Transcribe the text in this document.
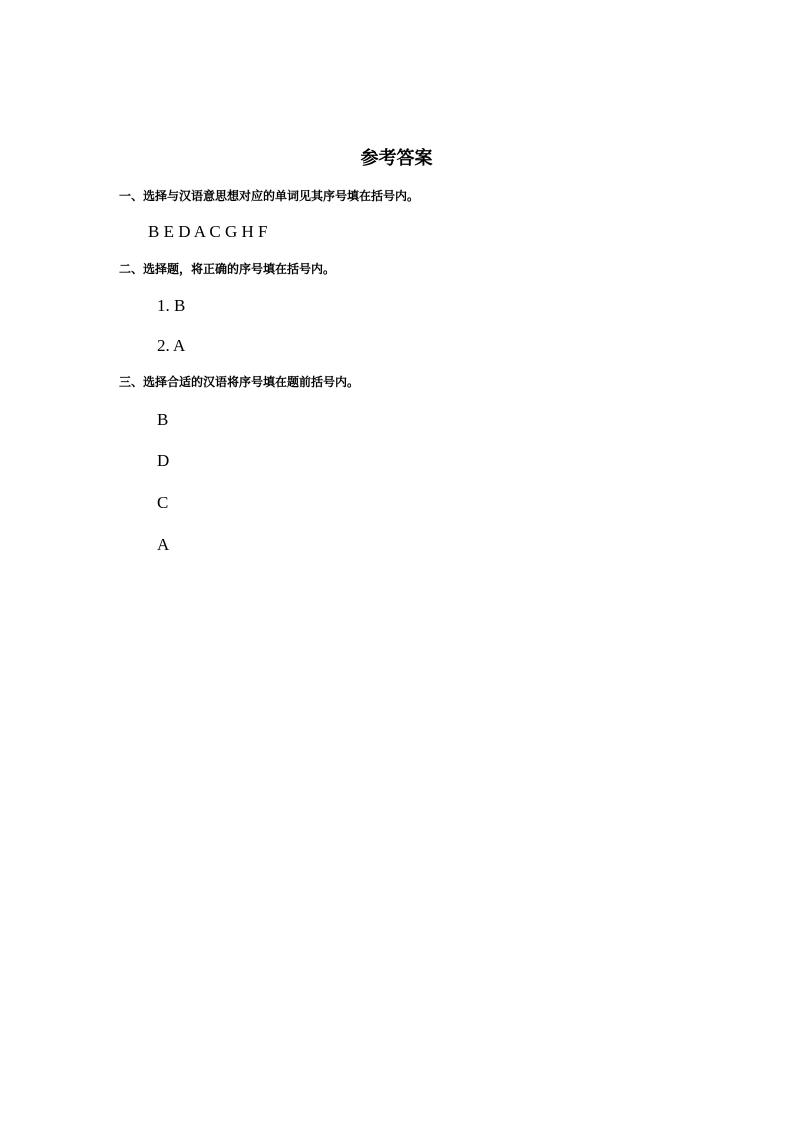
参考答案
一、选择与汉语意思想对应的单词见其序号填在括号内。
B E D A C G H F
二、选择题，将正确的序号填在括号内。
1. B
2. A
三、选择合适的汉语将序号填在题前括号内。
B
D
C
A
